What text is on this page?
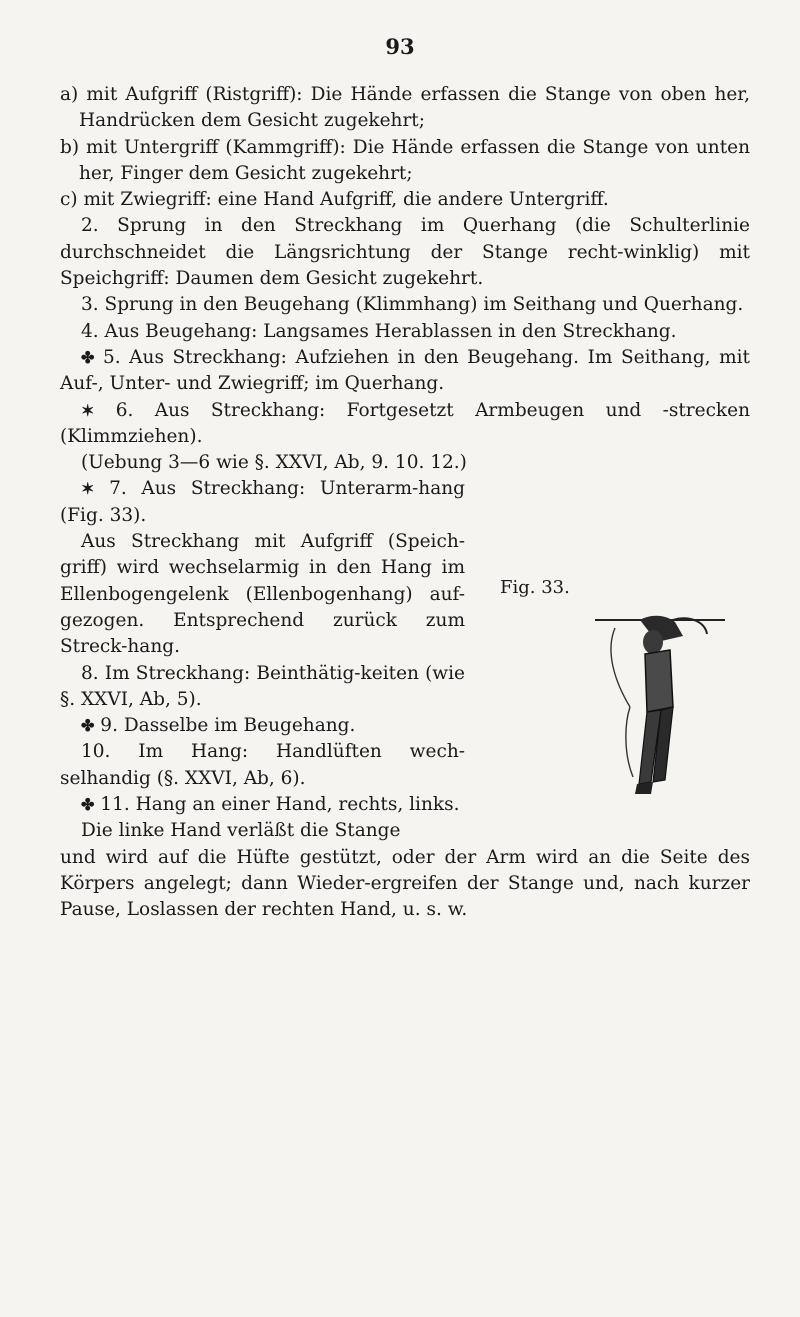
93

a) mit Aufgriff (Ristgriff): Die Hände erfassen die Stange von oben her, Handrücken dem Gesicht zugekehrt;

b) mit Untergriff (Kammgriff): Die Hände erfassen die Stange von unten her, Finger dem Gesicht zugekehrt;

c) mit Zwiegriff: eine Hand Aufgriff, die andere Untergriff.

2. Sprung in den Streckhang im Querhang (die Schulterlinie durchschneidet die Längsrichtung der Stange recht-winklig) mit Speichgriff: Daumen dem Gesicht zugekehrt.

3. Sprung in den Beugehang (Klimmhang) im Seithang und Querhang.

4. Aus Beugehang: Langsames Herablassen in den Streckhang.

✤ 5. Aus Streckhang: Aufziehen in den Beugehang. Im Seithang, mit Auf-, Unter- und Zwiegriff; im Querhang.

✶ 6. Aus Streckhang: Fortgesetzt Armbeugen und -strecken (Klimmziehen).

(Uebung 3—6 wie §. XXVI, Ab, 9. 10. 12.)

✶ 7. Aus Streckhang: Unterarm-hang (Fig. 33).

Aus Streckhang mit Aufgriff (Speich-griff) wird wechselarmig in den Hang im Ellenbogengelenk (Ellenbogenhang) auf-gezogen. Entsprechend zurück zum Streck-hang.

8. Im Streckhang: Beinthätig-keiten (wie §. XXVI, Ab, 5).

✤ 9. Dasselbe im Beugehang.

10. Im Hang: Handlüften wech-selhandig (§. XXVI, Ab, 6).

✤ 11. Hang an einer Hand, rechts, links.

Die linke Hand verläßt die Stange

und wird auf die Hüfte gestützt, oder der Arm wird an die Seite des Körpers angelegt; dann Wieder-ergreifen der Stange und, nach kurzer Pause, Loslassen der rechten Hand, u. s. w.

Fig. 33.
